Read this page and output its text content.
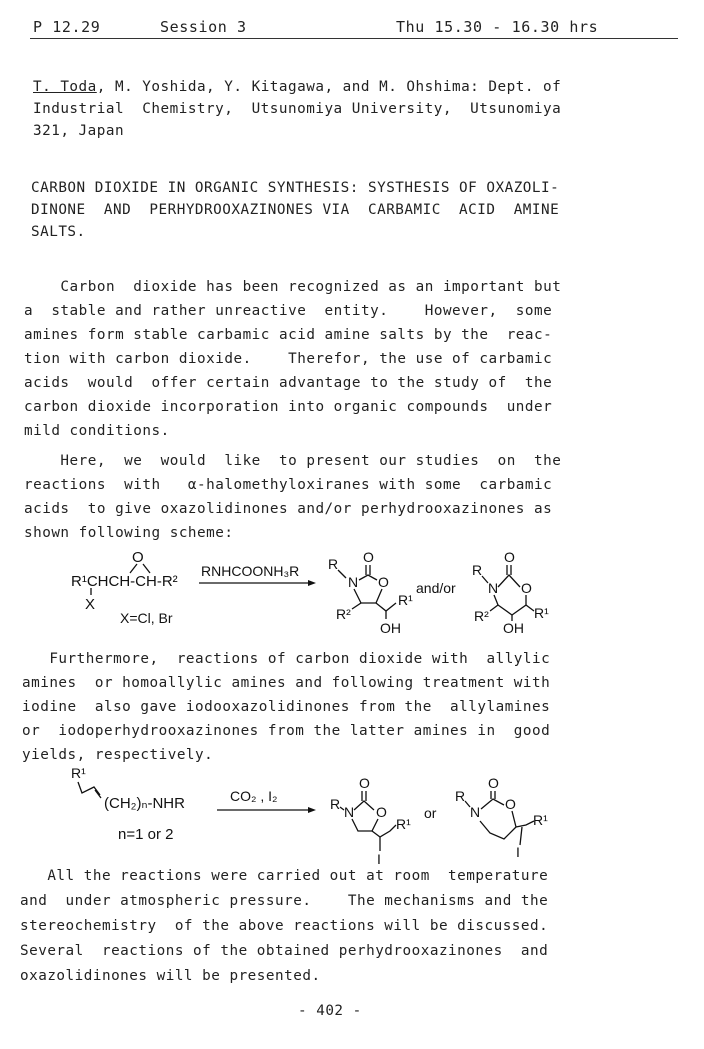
P 12.29	Session 3	Thu 15.30 - 16.30 hrs
T. Toda, M. Yoshida, Y. Kitagawa, and M. Ohshima: Dept. of
Industrial  Chemistry,  Utsunomiya University,  Utsunomiya
321, Japan
CARBON DIOXIDE IN ORGANIC SYNTHESIS: SYSTHESIS OF OXAZOLI-
DINONE  AND  PERHYDROOXAZINONES VIA  CARBAMIC  ACID  AMINE
SALTS.
Carbon  dioxide has been recognized as an important but
a  stable and rather unreactive  entity.    However,  some
amines form stable carbamic acid amine salts by the  reac-
tion with carbon dioxide.    Therefor, the use of carbamic
acids  would  offer certain advantage to the study of  the
carbon dioxide incorporation into organic compounds  under
mild conditions.
Here,  we  would  like  to present our studies  on  the
reactions  with   α-halomethyloxiranes with some  carbamic
acids  to give oxazolidinones and/or perhydrooxazinones as
shown following scheme:
R¹CHCH-CH-R²
O
X
X=Cl, Br
RNHCOONH₃R R O
N O
R²
R¹
OH
and/or
R
O
N O
R²
OH
R¹
Furthermore,  reactions of carbon dioxide with  allylic
amines  or homoallylic amines and following treatment with
iodine  also gave iodooxazolidinones from the  allylamines
or  iodoperhydrooxazinones from the latter amines in  good
yields, respectively.
R¹
(CH₂)ₙ-NHR
n=1 or 2
CO₂ , I₂	R
O
N O
R¹
I
or
R
O
N O
R¹
I
All the reactions were carried out at room  temperature
and  under atmospheric pressure.    The mechanisms and the
stereochemistry  of the above reactions will be discussed.
Several  reactions of the obtained perhydrooxazinones  and
oxazolidinones will be presented.
- 402 -
